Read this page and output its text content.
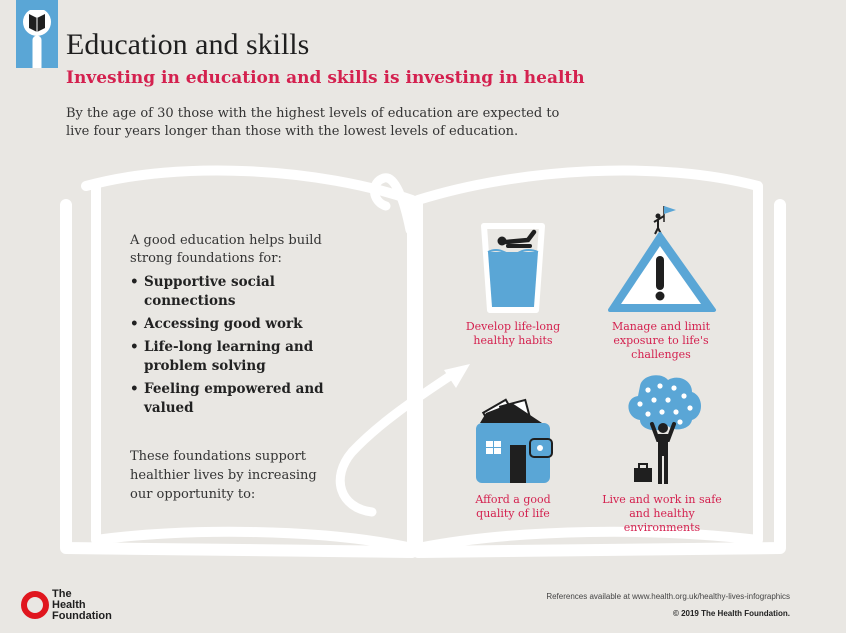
Education and skills
Investing in education and skills is investing in health
By the age of 30 those with the highest levels of education are expected to live four years longer than those with the lowest levels of education.
A good education helps build strong foundations for:
• Supportive social connections
• Accessing good work
• Life-long learning and problem solving
• Feeling empowered and valued
These foundations support healthier lives by increasing our opportunity to:
Develop life-long healthy habits
Manage and limit exposure to life's challenges
Afford a good quality of life
Live and work in safe and healthy environments
The
Health
Foundation
References available at www.health.org.uk/healthy-lives-infographics
© 2019 The Health Foundation.
